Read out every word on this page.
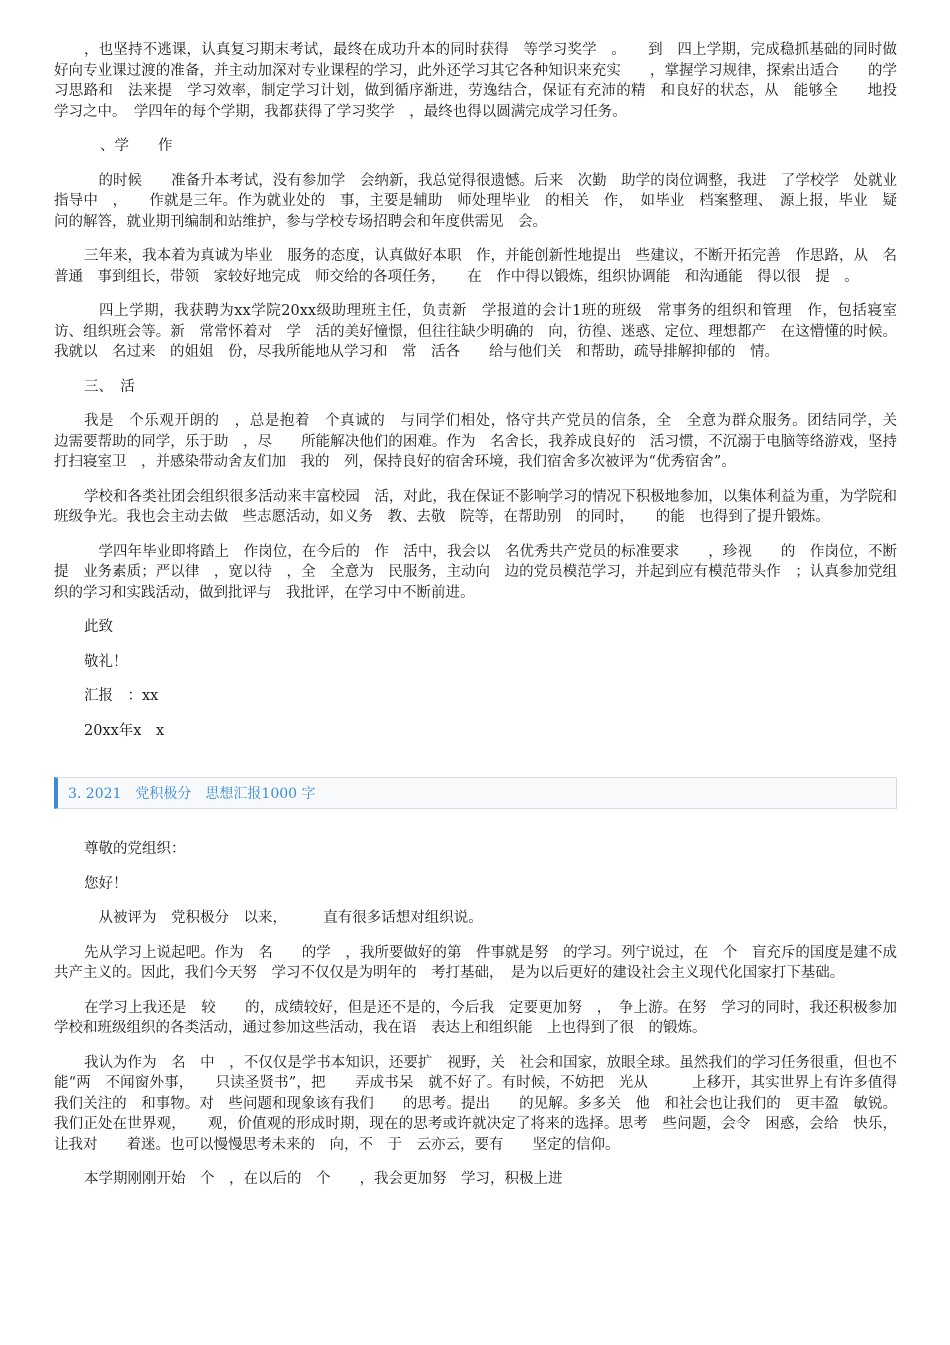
，也坚持不逃课，认真复习期末考试，最终在成功升本的同时获得　等学习奖学　。　　到　四上学期，完成稳抓基础的同时做好向专业课过渡的准备，并主动加深对专业课程的学习，此外还学习其它各种知识来充实　　，掌握学习规律，探索出适合　　的学习思路和　法来提　学习效率，制定学习计划，做到循序渐进，劳逸结合，保证有充沛的精　和良好的状态，从　能够全　　地投　学习之中。　学四年的每个学期，我都获得了学习奖学　，最终也得以圆满完成学习任务。

、学　　作

　的时候　　准备升本考试，没有参加学　会纳新，我总觉得很遗憾。后来　次勤　助学的岗位调整，我进　了学校学　处就业指导中　，　　作就是三年。作为就业处的　事，主要是辅助　师处理毕业　的相关　作，　如毕业　档案整理、　源上报，毕业　疑问的解答，就业期刊编制和站维护，参与学校专场招聘会和年度供需见　会。

三年来，我本着为真诚为毕业　服务的态度，认真做好本职　作，并能创新性地提出　些建议，不断开拓完善　作思路，从　名普通　事到组长，带领　家较好地完成　师交给的各项任务，　　在　作中得以锻炼，组织协调能　和沟通能　得以很　提　。

　四上学期，我获聘为xx学院20xx级助理班主任，负责新　学报道的会计1班的班级　常事务的组织和管理　作，包括寝室　访、组织班会等。新　常常怀着对　学　活的美好憧憬，但往往缺少明确的　向，彷徨、迷惑、定位、理想都产　在这懵懂的时候。我就以　名过来　的姐姐　份，尽我所能地从学习和　常　活各　　给与他们关　和帮助，疏导排解抑郁的　情。

三、　活

我是　个乐观开朗的　，总是抱着　个真诚的　与同学们相处，恪守共产党员的信条，全　全意为群众服务。团结同学，关　　边需要帮助的同学，乐于助　，尽　　所能解决他们的困难。作为　名舍长，我养成良好的　活习惯，不沉溺于电脑等络游戏，坚持打扫寝室卫　，并感染带动舍友们加　我的　列，保持良好的宿舍环境，我们宿舍多次被评为“优秀宿舍”。

学校和各类社团会组织很多活动来丰富校园　活，对此，我在保证不影响学习的情况下积极地参加，以集体利益为重，为学院和班级争光。我也会主动去做　些志愿活动，如义务　教、去敬　院等，在帮助别　的同时，　　的能　也得到了提升锻炼。

　学四年毕业即将踏上　作岗位，在今后的　作　活中，我会以　名优秀共产党员的标准要求　　，珍视　　的　作岗位，不断提　业务素质；严以律　，宽以待　，全　全意为　民服务，主动向　边的党员模范学习，并起到应有模范带头作　；认真参加党组织的学习和实践活动，做到批评与　我批评，在学习中不断前进。

此致

敬礼！

汇报　：xx

20xx年x　x

3. 2021　党积极分　思想汇报1000 字

尊敬的党组织：

您好！

　从被评为　党积极分　以来，　　　直有很多话想对组织说。

先从学习上说起吧。作为　名　　的学　，我所要做好的第　件事就是努　的学习。列宁说过，在　个　盲充斥的国度是建不成共产主义的。因此，我们今天努　学习不仅仅是为明年的　考打基础，　是为以后更好的建设社会主义现代化国家打下基础。

在学习上我还是　较　　的，成绩较好，但是还不是的，今后我　定要更加努　，　争上游。在努　学习的同时，我还积极参加学校和班级组织的各类活动，通过参加这些活动，我在语　表达上和组织能　上也得到了很　的锻炼。

我认为作为　名　中　，不仅仅是学书本知识，还要扩　视野，关　社会和国家，放眼全球。虽然我们的学习任务很重，但也不能“两　不闻窗外事，　　只读圣贤书”，把　　弄成书呆　就不好了。有时候，不妨把　光从　　　上移开，其实世界上有许多值得我们关注的　和事物。对　些问题和现象该有我们　　的思考。提出　　的见解。多多关　他　和社会也让我们的　更丰盈　敏锐。我们正处在世界观，　　观，价值观的形成时期，现在的思考或许就决定了将来的选择。思考　些问题，会令　困惑，会给　快乐，让我对　　着迷。也可以慢慢思考未来的　向，不　于　云亦云，要有　　坚定的信仰。

本学期刚刚开始　个　，在以后的　个　　，我会更加努　学习，积极上进
